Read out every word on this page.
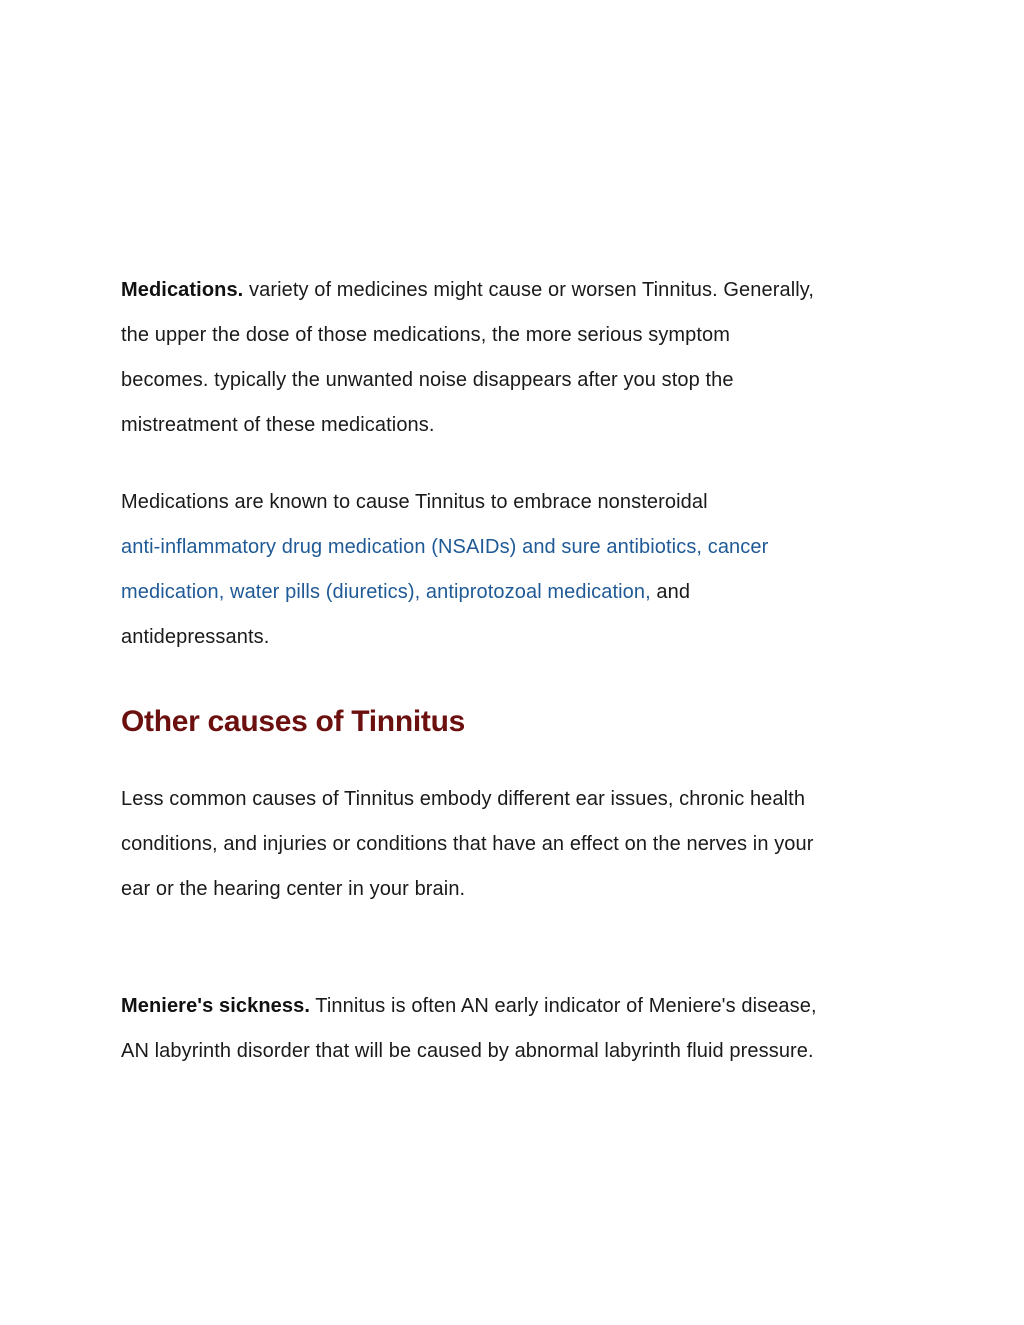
Medications. variety of medicines might cause or worsen Tinnitus. Generally,
the upper the dose of those medications, the more serious symptom
becomes. typically the unwanted noise disappears after you stop the
mistreatment of these medications.
Medications are known to cause Tinnitus to embrace nonsteroidal
anti-inflammatory drug medication (NSAIDs) and sure antibiotics, cancer
medication, water pills (diuretics), antiprotozoal medication, and
antidepressants.
Other causes of Tinnitus
Less common causes of Tinnitus embody different ear issues, chronic health
conditions, and injuries or conditions that have an effect on the nerves in your
ear or the hearing center in your brain.
Meniere's sickness. Tinnitus is often AN early indicator of Meniere's disease,
AN labyrinth disorder that will be caused by abnormal labyrinth fluid pressure.
